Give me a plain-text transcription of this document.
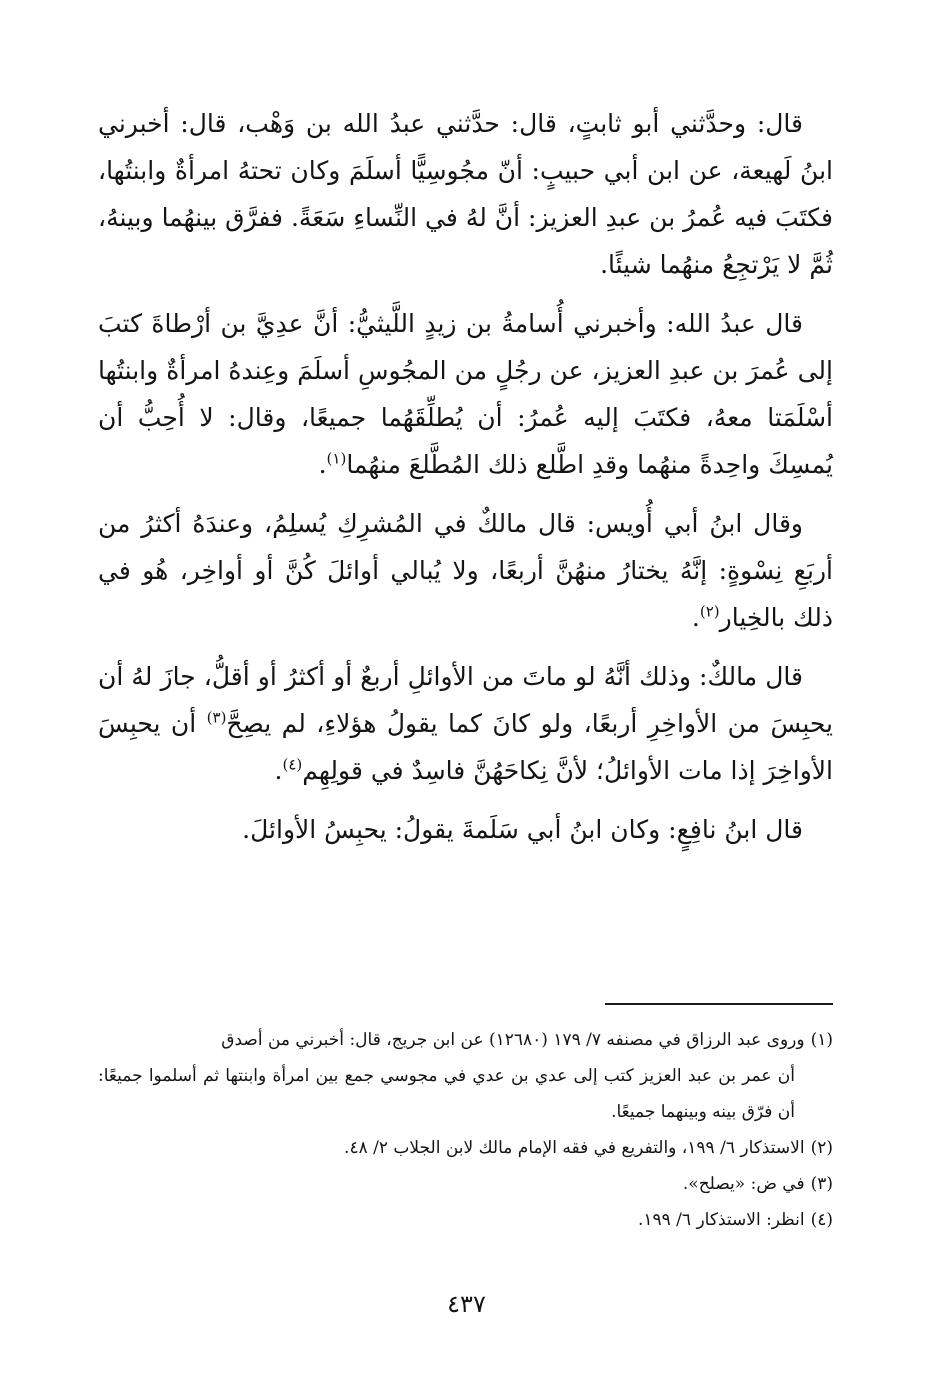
قال: وحدَّثني أبو ثابتٍ، قال: حدَّثني عبدُ الله بن وَهْب، قال: أخبرني ابنُ لَهيعة، عن ابن أبي حبيبٍ: أنّ مجُوسِيًّا أسلَمَ وكان تحتهُ امرأةٌ وابنتُها، فكتَبَ فيه عُمرُ بن عبدِ العزيز: أنَّ لهُ في النِّساءِ سَعَةً. ففرَّق بينهُما وبينهُ، ثُمَّ لا يَرْتجِعُ منهُما شيئًا.

قال عبدُ الله: وأخبرني أُسامةُ بن زيدٍ اللَّيثيُّ: أنَّ عدِيَّ بن أرْطاةَ كتبَ إلى عُمرَ بن عبدِ العزيز، عن رجُلٍ من المجُوسِ أسلَمَ وعِندهُ امرأةٌ وابنتُها أسْلَمَتا معهُ، فكتَبَ إليه عُمرُ: أن يُطلِّقَهُما جميعًا، وقال: لا أُحِبُّ أن يُمسِكَ واحِدةً منهُما وقدِ اطَّلع ذلك المُطَّلعَ منهُما$^{(١)}$.

وقال ابنُ أبي أُويس: قال مالكٌ في المُشرِكِ يُسلِمُ، وعندَهُ أكثرُ من أربَعِ نِسْوةٍ: إنَّهُ يختارُ منهُنَّ أربعًا، ولا يُبالي أوائلَ كُنَّ أو أواخِر، هُو في ذلك بالخِيار$^{(٢)}$.

قال مالكٌ: وذلك أنَّهُ لو ماتَ من الأوائلِ أربعٌ أو أكثرُ أو أقلُّ، جازَ لهُ أن يحبِسَ من الأواخِرِ أربعًا، ولو كانَ كما يقولُ هؤلاءِ، لم يصِحَّ$^{(٣)}$ أن يحبِسَ الأواخِرَ إذا مات الأوائلُ؛ لأنَّ نِكاحَهُنَّ فاسِدٌ في قولِهِم$^{(٤)}$.

قال ابنُ نافِعٍ: وكان ابنُ أبي سَلَمةَ يقولُ: يحبِسُ الأوائلَ.

(١)وروى عبد الرزاق في مصنفه ٧/ ١٧٩ (١٢٦٨٠) عن ابن جريج، قال: أخبرني من أصدق
أن عمر بن عبد العزيز كتب إلى عدي بن عدي في مجوسي جمع بين امرأة وابنتها ثم أسلموا جميعًا: أن فرّق بينه وبينهما جميعًا.

(٢)الاستذكار ٦/ ١٩٩، والتفريع في فقه الإمام مالك لابن الجلاب ٢/ ٤٨.

(٣)في ض: «يصلح».

(٤)انظر: الاستذكار ٦/ ١٩٩.

٤٣٧
